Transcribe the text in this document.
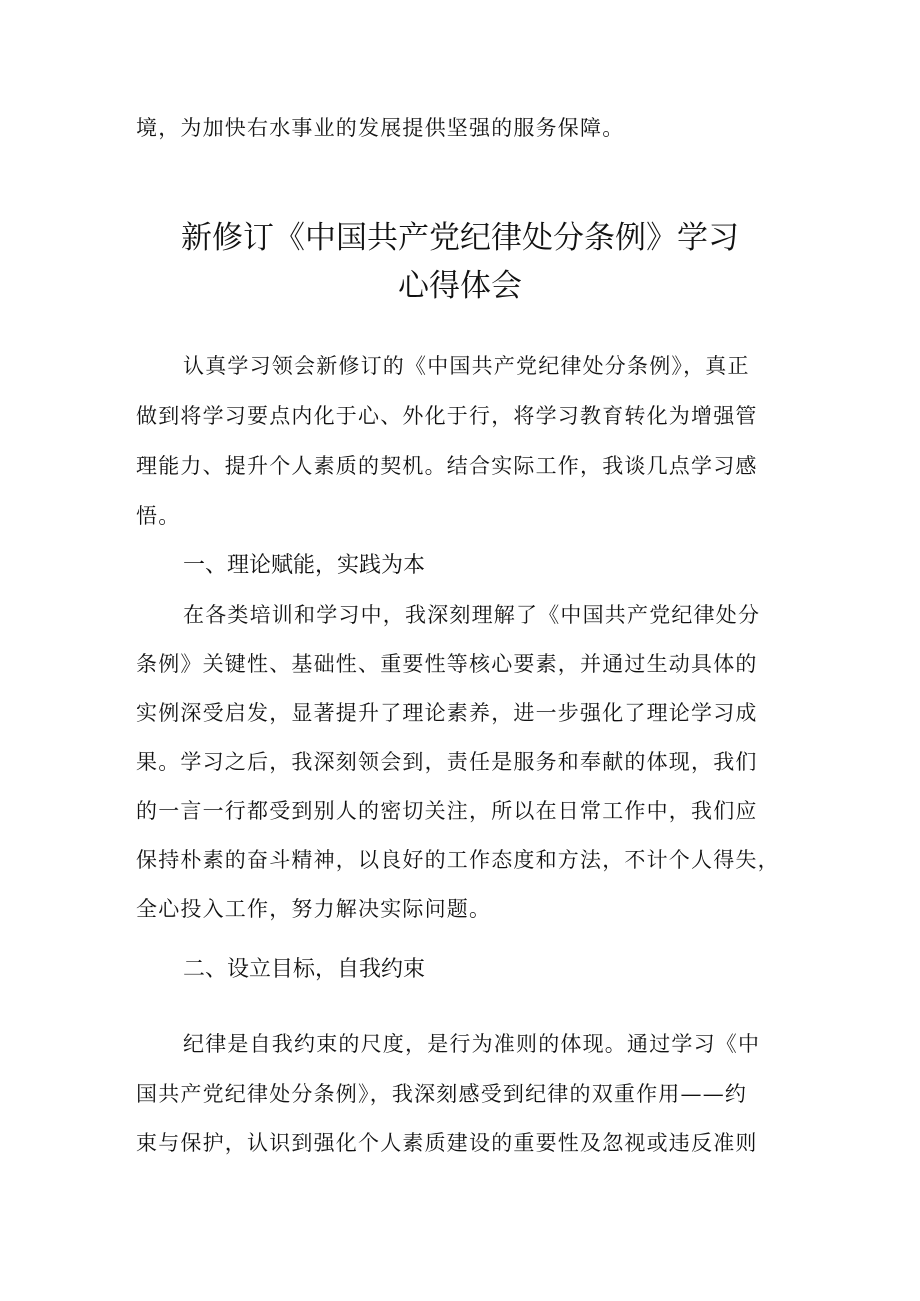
境，为加快右水事业的发展提供坚强的服务保障。
新修订《中国共产党纪律处分条例》学习
心得体会
认真学习领会新修订的《中国共产党纪律处分条例》，真正
做到将学习要点内化于心、外化于行，将学习教育转化为增强管
理能力、提升个人素质的契机。结合实际工作，我谈几点学习感
悟。
一、理论赋能，实践为本
在各类培训和学习中，我深刻理解了《中国共产党纪律处分
条例》关键性、基础性、重要性等核心要素，并通过生动具体的
实例深受启发，显著提升了理论素养，进一步强化了理论学习成
果。学习之后，我深刻领会到，责任是服务和奉献的体现，我们
的一言一行都受到别人的密切关注，所以在日常工作中，我们应
保持朴素的奋斗精神，以良好的工作态度和方法，不计个人得失，
全心投入工作，努力解决实际问题。
二、设立目标，自我约束
纪律是自我约束的尺度，是行为准则的体现。通过学习《中
国共产党纪律处分条例》，我深刻感受到纪律的双重作用——约
束与保护，认识到强化个人素质建设的重要性及忽视或违反准则
